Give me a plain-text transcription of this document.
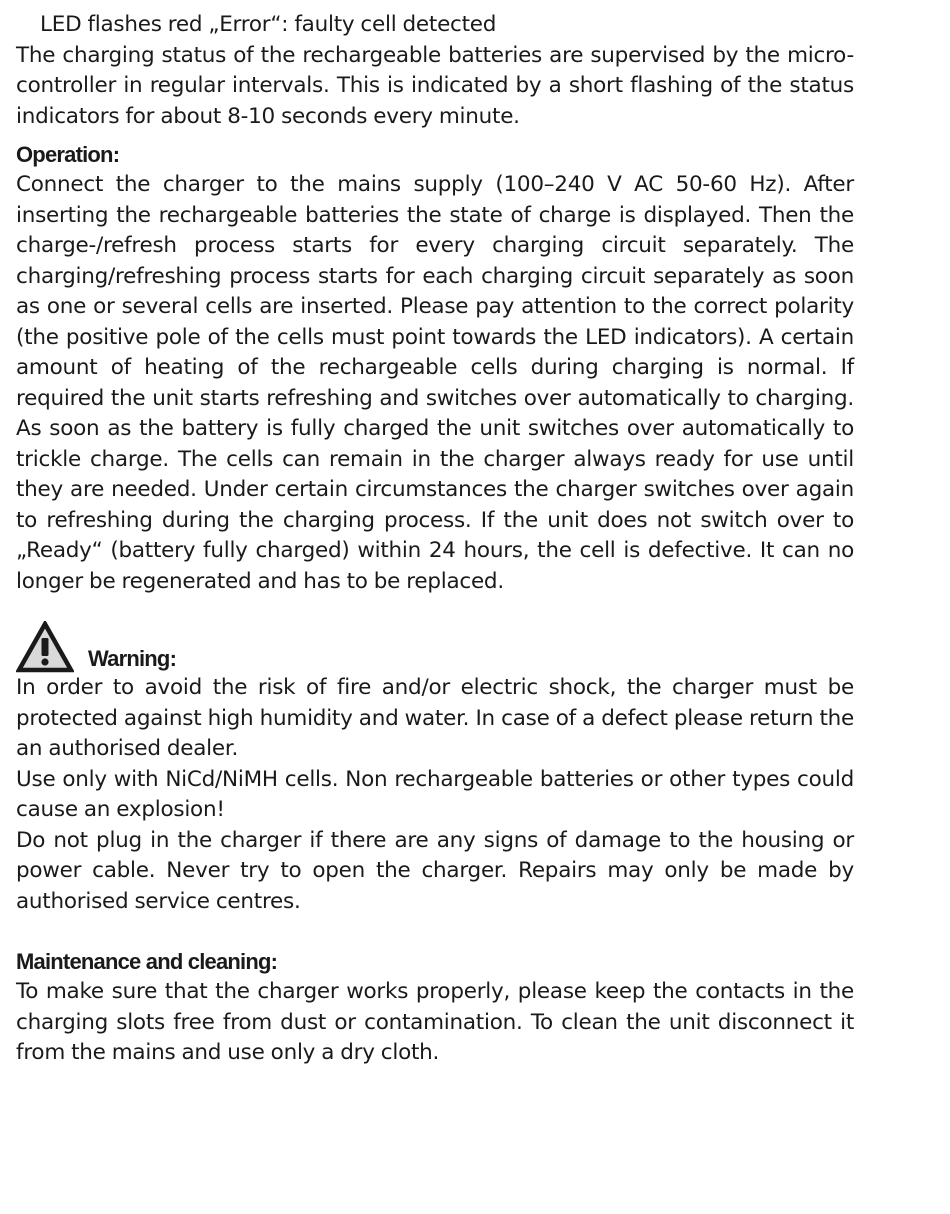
LED flashes red „Error“: faulty cell detected

The charging status of the rechargeable batteries are supervised by the micro-controller in regular intervals. This is indicated by a short flashing of the status indicators for about 8-10 seconds every minute.

Operation:

Connect the charger to the mains supply (100–240 V AC 50-60 Hz). After inserting the rechargeable batteries the state of charge is displayed. Then the charge-/refresh process starts for every charging circuit separately. The charging/refreshing process starts for each charging circuit separately as soon as one or several cells are inserted. Please pay attention to the correct polarity (the positive pole of the cells must point towards the LED indicators). A certain amount of heating of the rechargeable cells during charging is normal. If required the unit starts refreshing and switches over automatically to charging. As soon as the battery is fully charged the unit switches over automatically to trickle charge. The cells can remain in the charger always ready for use until they are needed. Under certain circumstances the charger switches over again to refreshing during the charging process. If the unit does not switch over to „Ready“ (battery fully charged) within 24 hours, the cell is defective. It can no longer be regenerated and has to be replaced.

Warning:

In order to avoid the risk of fire and/or electric shock, the charger must be protected against high humidity and water. In case of a defect please return the an authorised dealer.

Use only with NiCd/NiMH cells. Non rechargeable batteries or other types could cause an explosion!

Do not plug in the charger if there are any signs of damage to the housing or power cable. Never try to open the charger. Repairs may only be made by authorised service centres.

Maintenance and cleaning:

To make sure that the charger works properly, please keep the contacts in the charging slots free from dust or contamination. To clean the unit disconnect it from the mains and use only a dry cloth.
